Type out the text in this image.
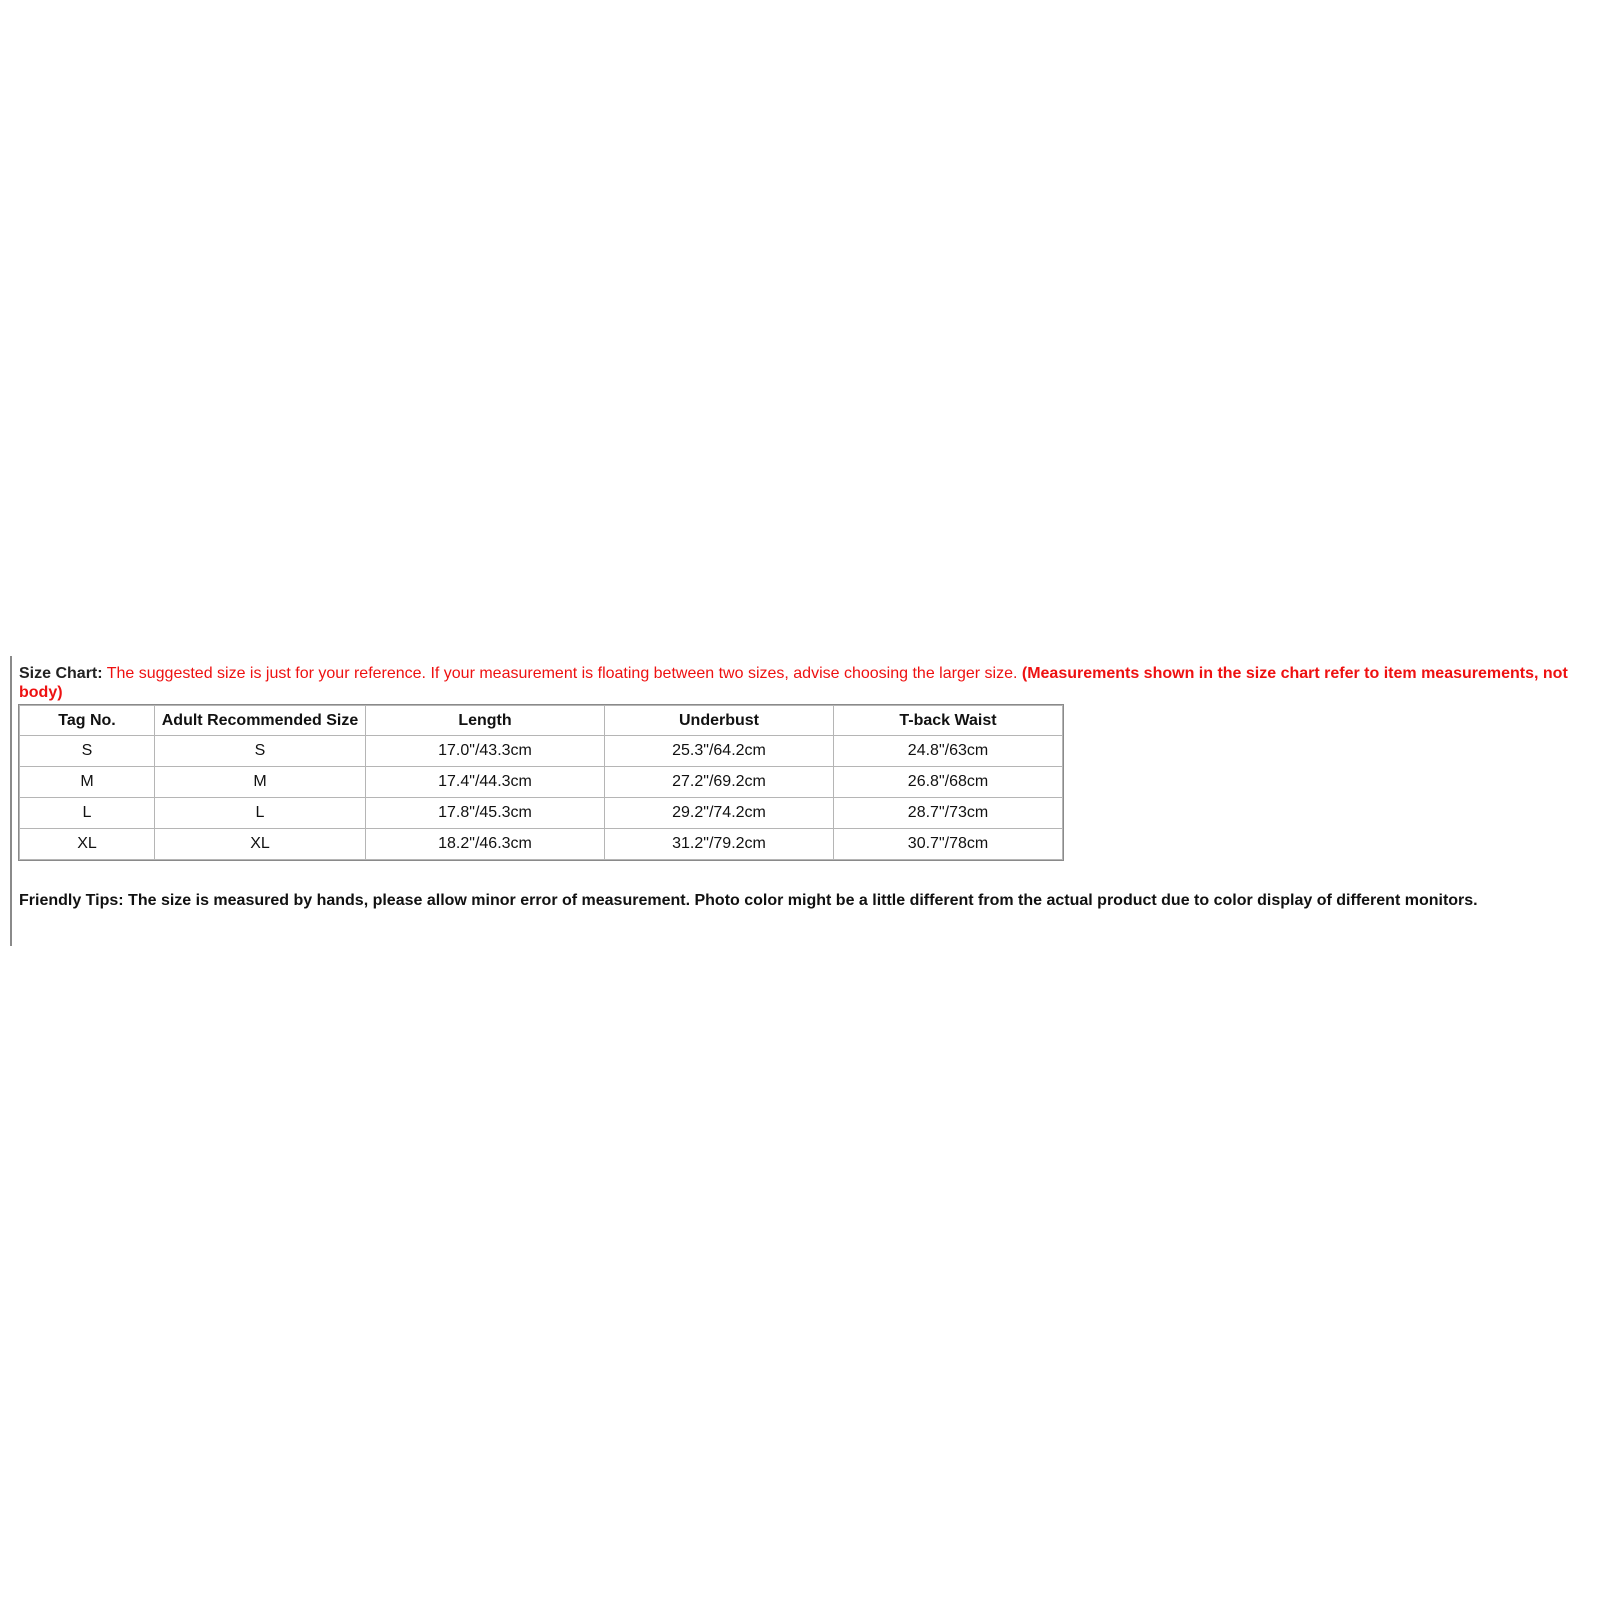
Size Chart: The suggested size is just for your reference. If your measurement is floating between two sizes, advise choosing the larger size. (Measurements shown in the size chart refer to item measurements, not body)

Tag No.	Adult Recommended Size	Length	Underbust	T-back Waist
S	S	17.0"/43.3cm	25.3"/64.2cm	24.8"/63cm
M	M	17.4"/44.3cm	27.2"/69.2cm	26.8"/68cm
L	L	17.8"/45.3cm	29.2"/74.2cm	28.7"/73cm
XL	XL	18.2"/46.3cm	31.2"/79.2cm	30.7"/78cm

Friendly Tips: The size is measured by hands, please allow minor error of measurement. Photo color might be a little different from the actual product due to color display of different monitors.
